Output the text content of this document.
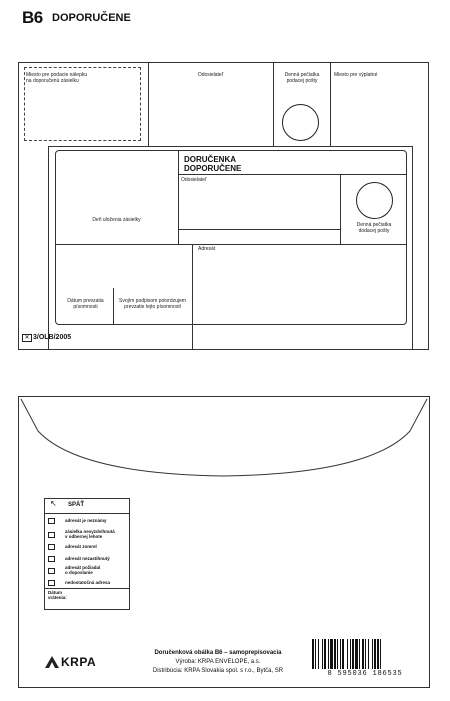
B6 DOPORUČENE
Miesto pre podacie nálepku
na doporučenú zásielku
Odosielateľ	Denná pečiatka
podacej pošty
Miesto pre výplatné
DORUČENKA
DOPORUČENE
Odosielateľ
Deň uloženia zásielky
Denná pečiatka
dodacej pošty
Adresát
Dátum prevzatia
písomnosti
Svojím podpisom potvrdzujem
prevzatie tejto písomnosti
✕ 3/OLB/2005
↖ SPÄŤ
adresát je neznámy
zásielka nevyzdvihnutá
v odbernej lehote
adresát zomrel
adresát nezastihnutý
adresát požiadal
o doposlanie
nedostatočná adresa
Dátum
vrátenia:
KRPA
Doručenková obálka B6 – samoprepisovacia
Výroba: KRPA ENVELOPE, a.s.
Distribúcia: KRPA Slovakia spol. s r.o., Bytča, SR	8 595036 186535
